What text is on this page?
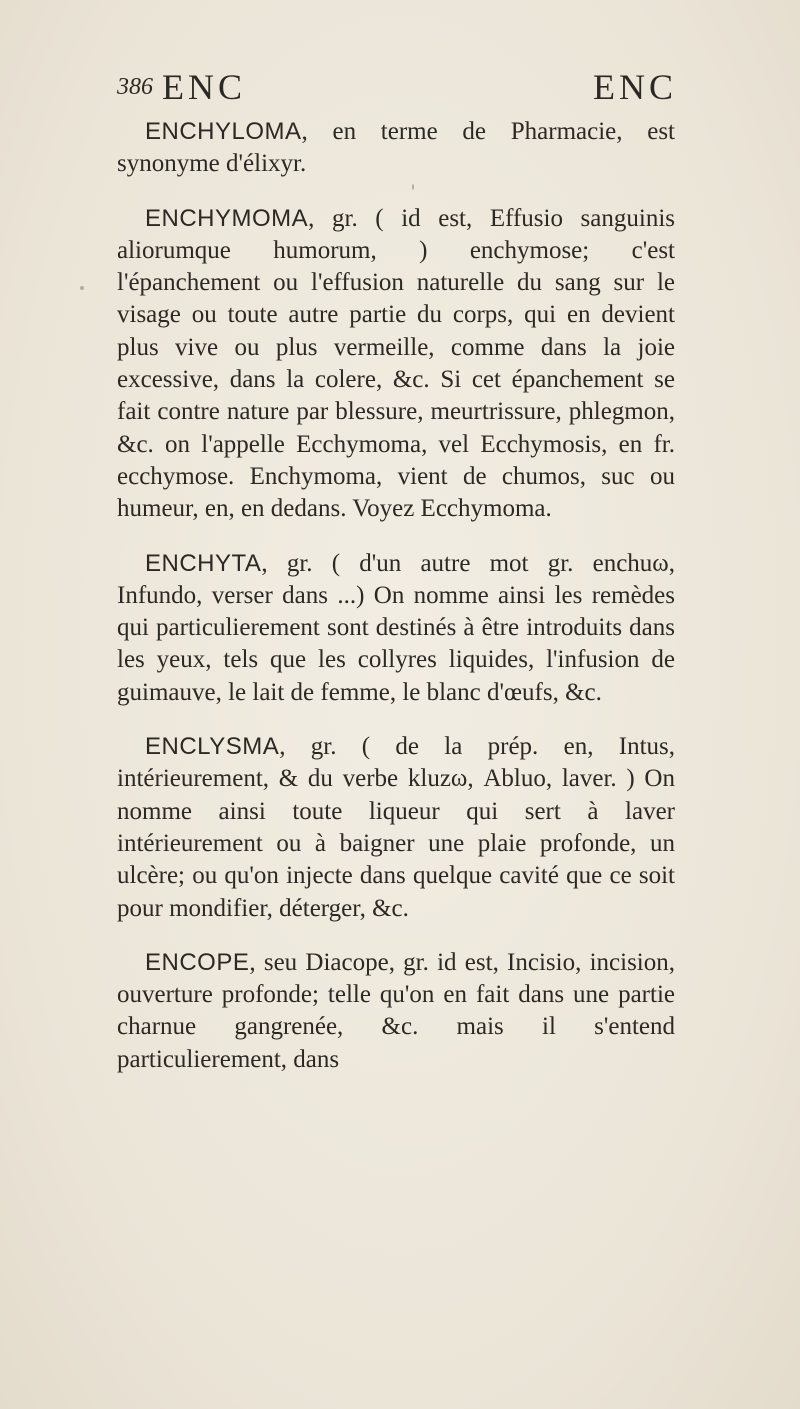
386 ENC	ENC

ENCHYLOMA, en terme de Pharmacie, est synonyme d'élixyr.

ENCHYMOMA, gr. ( id est, Effusio sanguinis aliorumque humorum, ) enchymose; c'est l'épanchement ou l'effusion naturelle du sang sur le visage ou toute autre partie du corps, qui en devient plus vive ou plus vermeille, comme dans la joie excessive, dans la colere, &c. Si cet épanchement se fait contre nature par blessure, meurtrissure, phlegmon, &c. on l'appelle Ecchymoma, vel Ecchymosis, en fr. ecchymose. Enchymoma, vient de chumos, suc ou humeur, en, en dedans. Voyez Ecchymoma.

ENCHYTA, gr. ( d'un autre mot gr. enchuω, Infundo, verser dans ...) On nomme ainsi les remèdes qui particulierement sont destinés à être introduits dans les yeux, tels que les collyres liquides, l'infusion de guimauve, le lait de femme, le blanc d'œufs, &c.

ENCLYSMA, gr. ( de la prép. en, Intus, intérieurement, & du verbe kluzω, Abluo, laver. ) On nomme ainsi toute liqueur qui sert à laver intérieurement ou à baigner une plaie profonde, un ulcère; ou qu'on injecte dans quelque cavité que ce soit pour mondifier, déterger, &c.

ENCOPE, seu Diacope, gr. id est, Incisio, incision, ouverture profonde; telle qu'on en fait dans une partie charnue gangrenée, &c. mais il s'entend particulierement, dans
